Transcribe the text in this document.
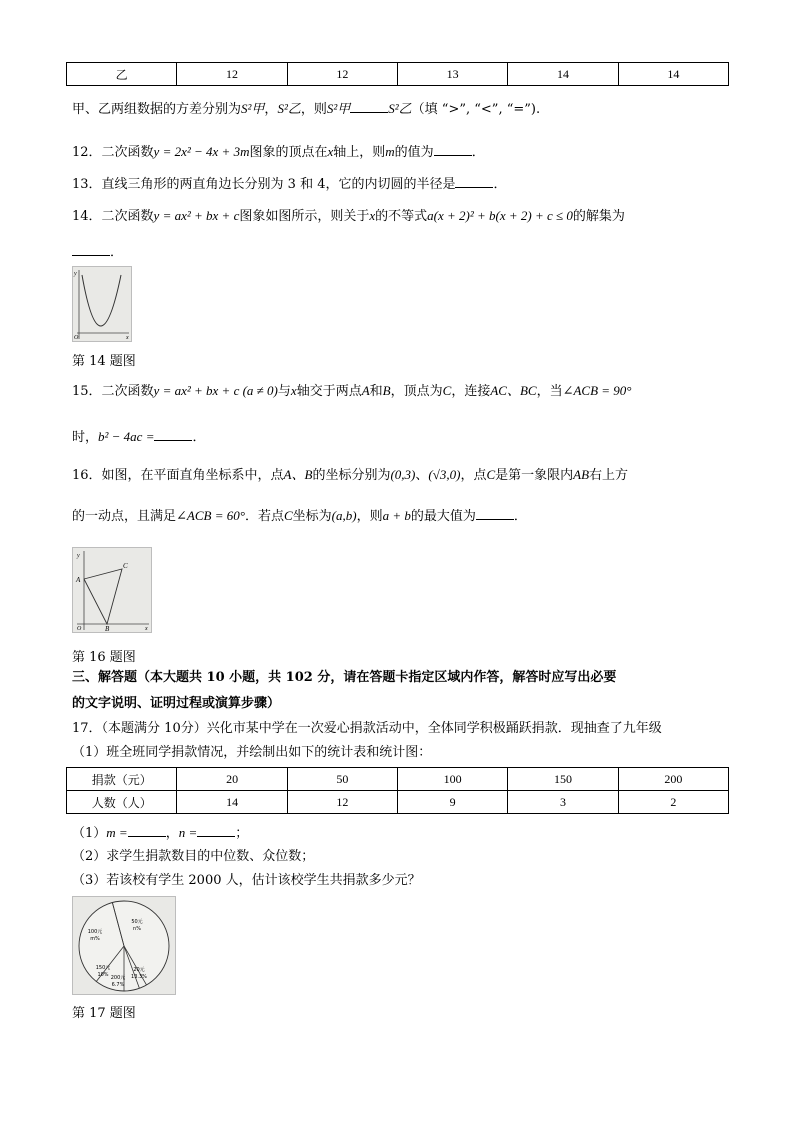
乙	12	12	13	14	14
甲、乙两组数据的方差分别为S²甲，S²乙，则S²甲	S²乙（填 “>”, “<”, “=”).
12．二次函数y = 2x² − 4x + 3m图象的顶点在x轴上，则m的值为	．
13．直线三角形的两直角边长分别为 3 和 4，它的内切圆的半径是	．
14．二次函数y = ax² + bx + c图象如图所示，则关于x的不等式a(x + 2)² + b(x + 2) + c ≤ 0的解集为
．
y
x
O
第 14 题图
15．二次函数y = ax² + bx + c (a ≠ 0)与x轴交于两点A和B，顶点为C，连接AC、BC，当∠ACB = 90°
时，b² − 4ac =	．
16．如图，在平面直角坐标系中，点A、B的坐标分别为(0,3)、(√3,0)，点C是第一象限内AB右上方
的一动点，且满足∠ACB = 60°．若点C坐标为(a,b)，则a + b的最大值为	．
y
x
O
A
B
C
第 16 题图
三、解答题（本大题共 10 小题，共 102 分，请在答题卡指定区域内作答，解答时应写出必要
的文字说明、证明过程或演算步骤）
17．（本题满分 10分）兴化市某中学在一次爱心捐款活动中，全体同学积极踊跃捐款．现抽查了九年级
（1）班全班同学捐款情况，并绘制出如下的统计表和统计图：
捐款（元）	20	50	100	150	200
人数（人）	14	12	9	3	2
（1）m =	，n =	；
（2）求学生捐款数目的中位数、众位数；
（3）若该校有学生 2000 人，估计该校学生共捐款多少元？
50元
n%
100元
m%
150元
10% 200元
6.7%
20元
13.3%
第 17 题图
